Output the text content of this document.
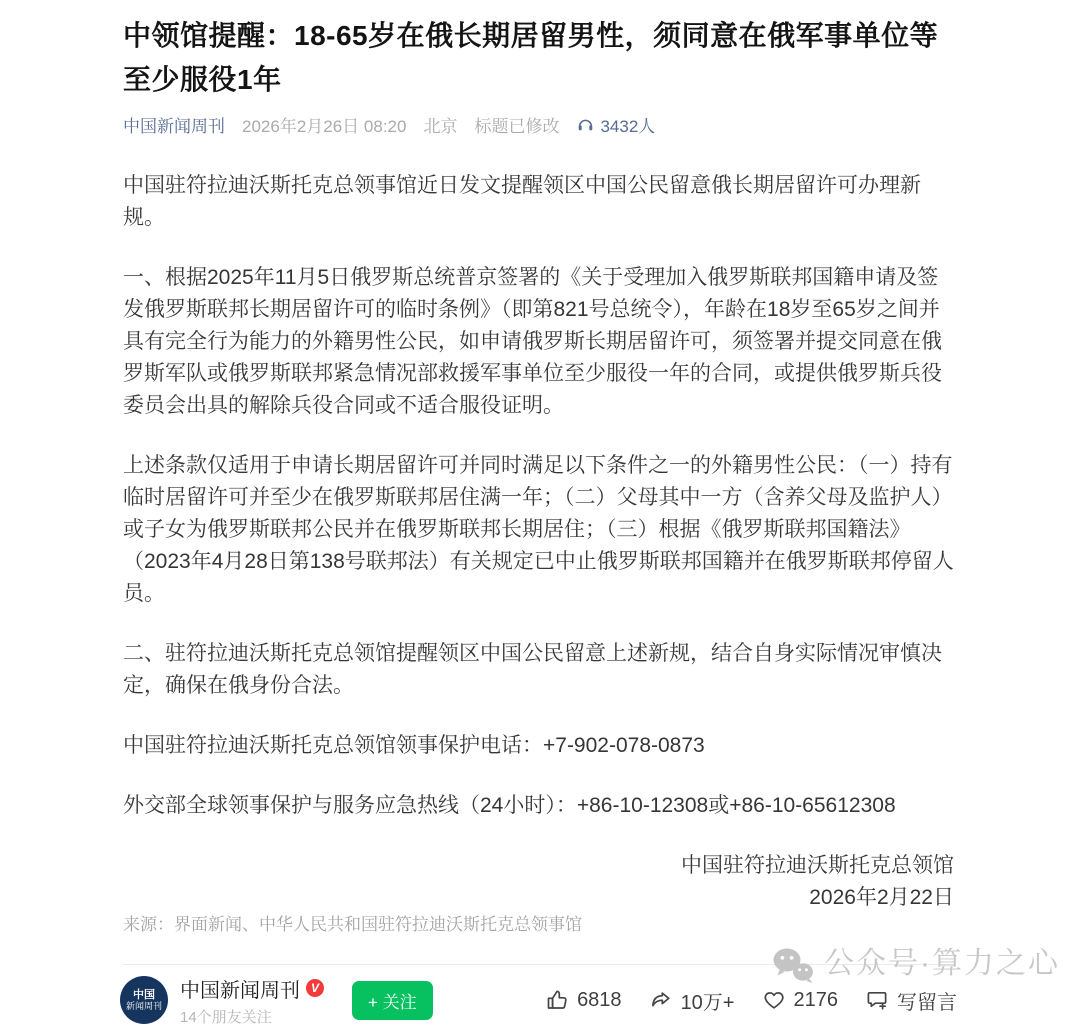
中领馆提醒：18-65岁在俄长期居留男性，须同意在俄军事单位等至少服役1年
中国新闻周刊 2026年2月26日 08:20 北京 标题已修改 3432人

中国驻符拉迪沃斯托克总领事馆近日发文提醒领区中国公民留意俄长期居留许可办理新规。

一、根据2025年11月5日俄罗斯总统普京签署的《关于受理加入俄罗斯联邦国籍申请及签发俄罗斯联邦长期居留许可的临时条例》（即第821号总统令），年龄在18岁至65岁之间并具有完全行为能力的外籍男性公民，如申请俄罗斯长期居留许可，须签署并提交同意在俄罗斯军队或俄罗斯联邦紧急情况部救援军事单位至少服役一年的合同，或提供俄罗斯兵役委员会出具的解除兵役合同或不适合服役证明。

上述条款仅适用于申请长期居留许可并同时满足以下条件之一的外籍男性公民：（一）持有临时居留许可并至少在俄罗斯联邦居住满一年；（二）父母其中一方（含养父母及监护人）或子女为俄罗斯联邦公民并在俄罗斯联邦长期居住；（三）根据《俄罗斯联邦国籍法》（2023年4月28日第138号联邦法）有关规定已中止俄罗斯联邦国籍并在俄罗斯联邦停留人员。

二、驻符拉迪沃斯托克总领馆提醒领区中国公民留意上述新规，结合自身实际情况审慎决定，确保在俄身份合法。

中国驻符拉迪沃斯托克总领馆领事保护电话：+7-902-078-0873

外交部全球领事保护与服务应急热线（24小时）：+86-10-12308或+86-10-65612308

中国驻符拉迪沃斯托克总领馆

2026年2月22日

来源：界面新闻、中华人民共和国驻符拉迪沃斯托克总领事馆

中国
新闻周刊
中国新闻周刊 V
14个朋友关注
+ 关注	6818	10万+	2176	写留言
公众号·算力之心
